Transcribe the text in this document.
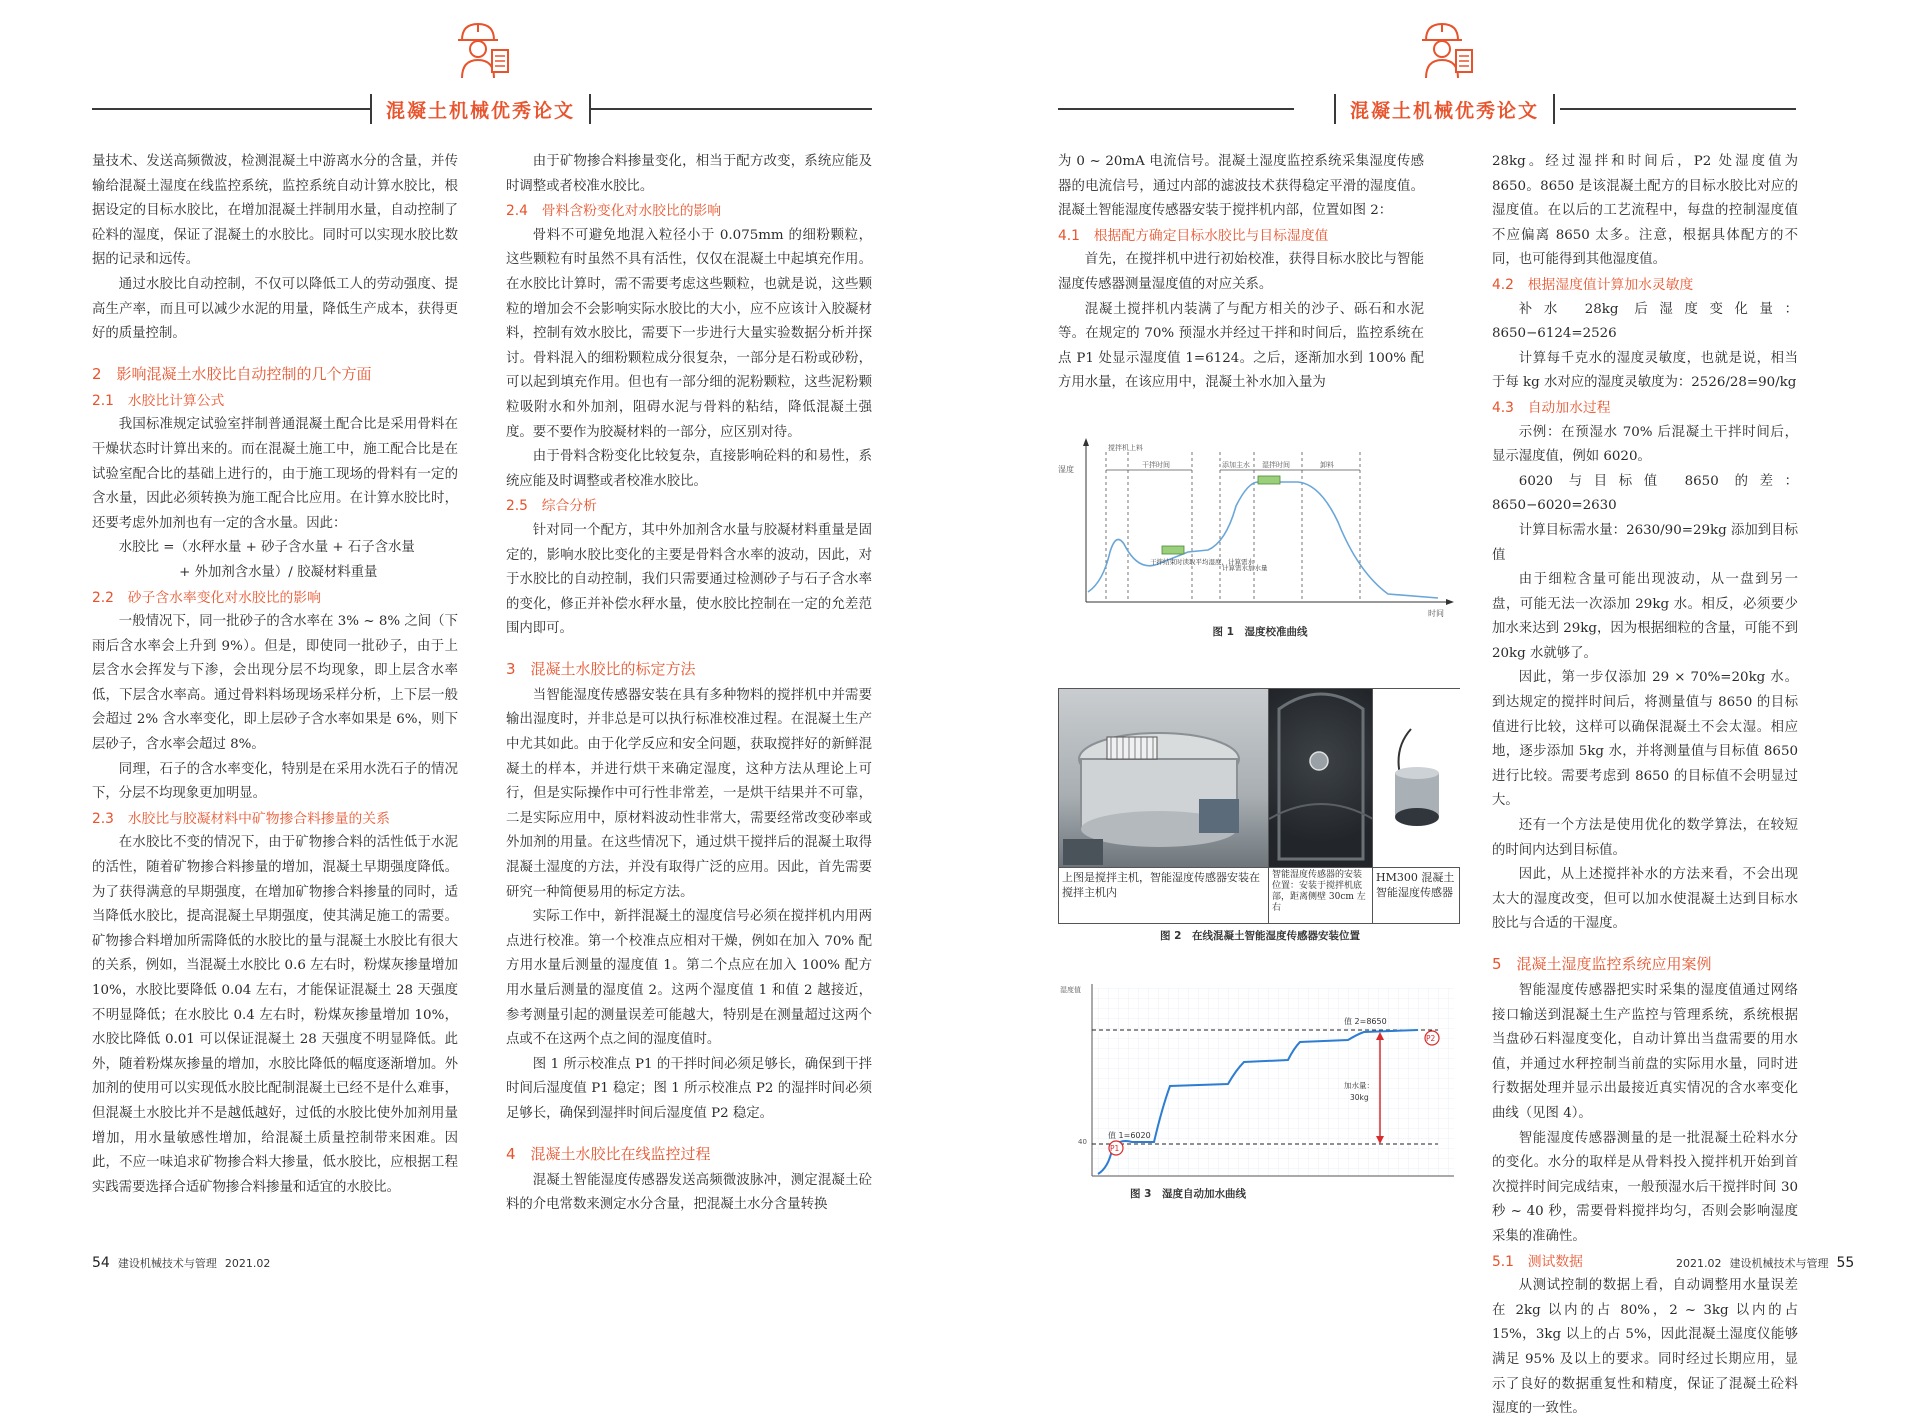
混凝土机械优秀论文

量技术、发送高频微波，检测混凝土中游离水分的含量，并传输给混凝土湿度在线监控系统，监控系统自动计算水胶比，根据设定的目标水胶比，在增加混凝土拌制用水量，自动控制了砼料的湿度，保证了混凝土的水胶比。同时可以实现水胶比数据的记录和远传。

通过水胶比自动控制，不仅可以降低工人的劳动强度、提高生产率，而且可以减少水泥的用量，降低生产成本，获得更好的质量控制。

2　影响混凝土水胶比自动控制的几个方面
2.1　水胶比计算公式

我国标准规定试验室拌制普通混凝土配合比是采用骨料在干燥状态时计算出来的。而在混凝土施工中，施工配合比是在试验室配合比的基础上进行的，由于施工现场的骨料有一定的含水量，因此必须转换为施工配合比应用。在计算水胶比时，还要考虑外加剂也有一定的含水量。因此：

水胶比 =（水秤水量 + 砂子含水量 + 石子含水量

+ 外加剂含水量）/ 胶凝材料重量

2.2　砂子含水率变化对水胶比的影响

一般情况下，同一批砂子的含水率在 3% ~ 8% 之间（下雨后含水率会上升到 9%）。但是，即使同一批砂子，由于上层含水会挥发与下渗，会出现分层不均现象，即上层含水率低，下层含水率高。通过骨料料场现场采样分析，上下层一般会超过 2% 含水率变化，即上层砂子含水率如果是 6%，则下层砂子，含水率会超过 8%。

同理，石子的含水率变化，特别是在采用水洗石子的情况下，分层不均现象更加明显。

2.3　水胶比与胶凝材料中矿物掺合料掺量的关系

在水胶比不变的情况下，由于矿物掺合料的活性低于水泥的活性，随着矿物掺合料掺量的增加，混凝土早期强度降低。为了获得满意的早期强度，在增加矿物掺合料掺量的同时，适当降低水胶比，提高混凝土早期强度，使其满足施工的需要。矿物掺合料增加所需降低的水胶比的量与混凝土水胶比有很大的关系，例如，当混凝土水胶比 0.6 左右时，粉煤灰掺量增加 10%，水胶比要降低 0.04 左右，才能保证混凝土 28 天强度不明显降低；在水胶比 0.4 左右时，粉煤灰掺量增加 10%，水胶比降低 0.01 可以保证混凝土 28 天强度不明显降低。此外，随着粉煤灰掺量的增加，水胶比降低的幅度逐渐增加。外加剂的使用可以实现低水胶比配制混凝土已经不是什么难事，但混凝土水胶比并不是越低越好，过低的水胶比使外加剂用量增加，用水量敏感性增加，给混凝土质量控制带来困难。因此，不应一味追求矿物掺合料大掺量，低水胶比，应根据工程实践需要选择合适矿物掺合料掺量和适宜的水胶比。

由于矿物掺合料掺量变化，相当于配方改变，系统应能及时调整或者校准水胶比。

2.4　骨料含粉变化对水胶比的影响

骨料不可避免地混入粒径小于 0.075mm 的细粉颗粒，这些颗粒有时虽然不具有活性，仅仅在混凝土中起填充作用。在水胶比计算时，需不需要考虑这些颗粒，也就是说，这些颗粒的增加会不会影响实际水胶比的大小，应不应该计入胶凝材料，控制有效水胶比，需要下一步进行大量实验数据分析并探讨。骨料混入的细粉颗粒成分很复杂，一部分是石粉或砂粉，可以起到填充作用。但也有一部分细的泥粉颗粒，这些泥粉颗粒吸附水和外加剂，阻碍水泥与骨料的粘结，降低混凝土强度。要不要作为胶凝材料的一部分，应区别对待。

由于骨料含粉变化比较复杂，直接影响砼料的和易性，系统应能及时调整或者校准水胶比。

2.5　综合分析

针对同一个配方，其中外加剂含水量与胶凝材料重量是固定的，影响水胶比变化的主要是骨料含水率的波动，因此，对于水胶比的自动控制，我们只需要通过检测砂子与石子含水率的变化，修正并补偿水秤水量，使水胶比控制在一定的允差范围内即可。

3　混凝土水胶比的标定方法

当智能湿度传感器安装在具有多种物料的搅拌机中并需要输出湿度时，并非总是可以执行标准校准过程。在混凝土生产中尤其如此。由于化学反应和安全问题，获取搅拌好的新鲜混凝土的样本，并进行烘干来确定湿度，这种方法从理论上可行，但是实际操作中可行性非常差，一是烘干结果并不可靠，二是实际应用中，原材料波动性非常大，需要经常改变砂率或外加剂的用量。在这些情况下，通过烘干搅拌后的混凝土取得混凝土湿度的方法，并没有取得广泛的应用。因此，首先需要研究一种简便易用的标定方法。

实际工作中，新拌混凝土的湿度信号必须在搅拌机内用两点进行校准。第一个校准点应相对干燥，例如在加入 70% 配方用水量后测量的湿度值 1。第二个点应在加入 100% 配方用水量后测量的湿度值 2。这两个湿度值 1 和值 2 越接近，参考测量引起的测量误差可能越大，特别是在测量超过这两个点或不在这两个点之间的湿度值时。

图 1 所示校准点 P1 的干拌时间必须足够长，确保到干拌时间后湿度值 P1 稳定；图 1 所示校准点 P2 的湿拌时间必须足够长，确保到湿拌时间后湿度值 P2 稳定。

4　混凝土水胶比在线监控过程

混凝土智能湿度传感器发送高频微波脉冲，测定混凝土砼料的介电常数来测定水分含量，把混凝土水分含量转换

54 建设机械技术与管理 2021.02
混凝土机械优秀论文

为 0 ~ 20mA 电流信号。混凝土湿度监控系统采集湿度传感器的电流信号，通过内部的滤波技术获得稳定平滑的湿度值。混凝土智能湿度传感器安装于搅拌机内部，位置如图 2：

4.1　根据配方确定目标水胶比与目标湿度值

首先，在搅拌机中进行初始校准，获得目标水胶比与智能湿度传感器测量湿度值的对应关系。

混凝土搅拌机内装满了与配方相关的沙子、砾石和水泥等。在规定的 70% 预湿水并经过干拌和时间后，监控系统在点 P1 处显示湿度值 1=6124。之后，逐渐加水到 100% 配方用水量，在该应用中，混凝土补水加入量为

28kg。经过湿拌和时间后，P2 处湿度值为 8650。8650 是该混凝土配方的目标水胶比对应的湿度值。在以后的工艺流程中，每盘的控制湿度值不应偏离 8650 太多。注意，根据具体配方的不同，也可能得到其他湿度值。

4.2　根据湿度值计算加水灵敏度

补水 28kg 后湿度变化量：8650−6124=2526

计算每千克水的湿度灵敏度，也就是说，相当于每 kg 水对应的湿度灵敏度为：2526/28=90/kg

4.3　自动加水过程

示例：在预湿水 70% 后混凝土干拌时间后，显示湿度值，例如 6020。

6020 与目标值 8650 的差：8650−6020=2630

计算目标需水量：2630/90=29kg 添加到目标值

由于细粒含量可能出现波动，从一盘到另一盘，可能无法一次添加 29kg 水。相反，必须要少加水来达到 29kg，因为根据细粒的含量，可能不到 20kg 水就够了。

因此，第一步仅添加 29 × 70%=20kg 水。到达规定的搅拌时间后，将测量值与 8650 的目标值进行比较，这样可以确保混凝土不会太湿。相应地，逐步添加 5kg 水，并将测量值与目标值 8650 进行比较。需要考虑到 8650 的目标值不会明显过大。

还有一个方法是使用优化的数学算法，在较短的时间内达到目标值。

因此，从上述搅拌补水的方法来看，不会出现太大的湿度改变，但可以加水使混凝土达到目标水胶比与合适的干湿度。

5　混凝土湿度监控系统应用案例

智能湿度传感器把实时采集的湿度值通过网络接口输送到混凝土生产监控与管理系统，系统根据当盘砂石料湿度变化，自动计算出当盘需要的用水值，并通过水秤控制当前盘的实际用水量，同时进行数据处理并显示出最接近真实情况的含水率变化曲线（见图 4）。

智能湿度传感器测量的是一批混凝土砼料水分的变化。水分的取样是从骨料投入搅拌机开始到首次搅拌时间完成结束，一般预湿水后干搅拌时间 30 秒 ~ 40 秒，需要骨料搅拌均匀，否则会影响湿度采集的准确性。

5.1　测试数据

从测试控制的数据上看，自动调整用水量误差在 2kg 以内的占 80%，2 ~ 3kg 以内的占 15%，3kg 以上的占 5%，因此混凝土湿度仪能够满足 95% 及以上的要求。同时经过长期应用，显示了良好的数据重复性和精度，保证了混凝土砼料湿度的一致性。

2021.02 建设机械技术与管理 55
湿度
时间
搅拌机上料
干拌时间	添加主水 湿拌时间	卸料
干拌结束时读取平均湿度，计算需水
计算需水加水量
图 1　湿度校准曲线
上图是搅拌主机，智能湿度传感器安装在搅拌主机内
智能湿度传感器的安装位置：安装于搅拌机底部，距离侧壁 30cm 左右
HM300 混凝土智能湿度传感器
图 2　在线混凝土智能湿度传感器安装位置
湿度值
40
值 2=8650
值 1=6020
加水量：
30kg
P1
P2
图 3　湿度自动加水曲线
